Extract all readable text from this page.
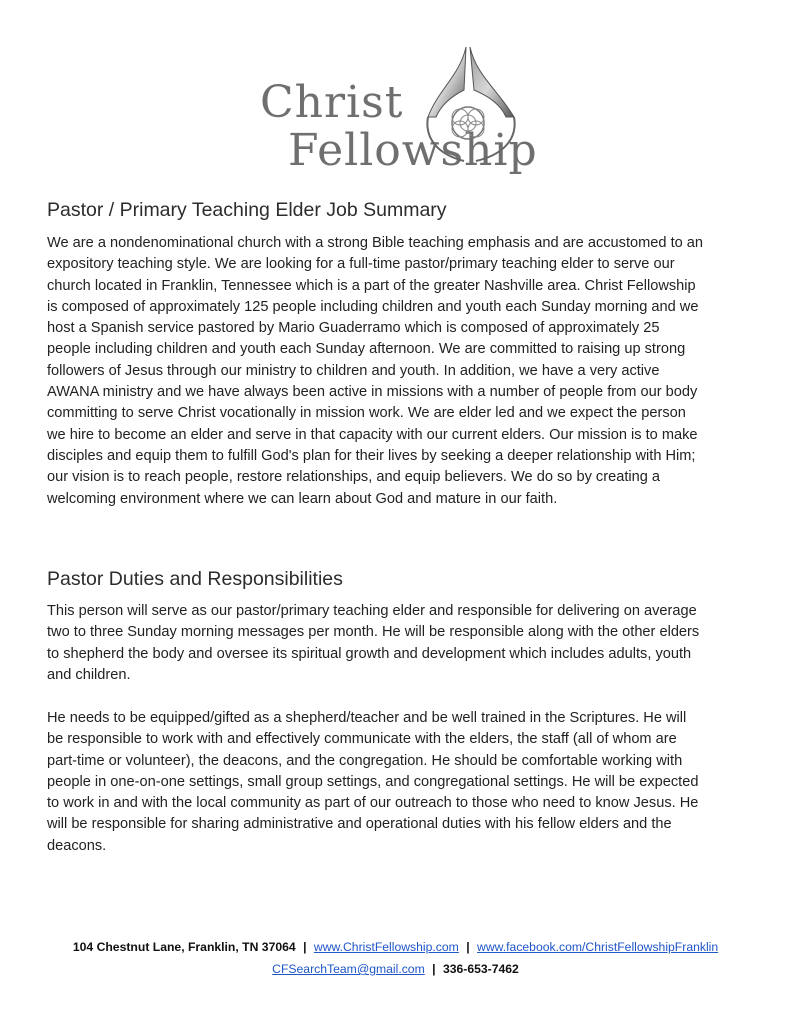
Christ
Fellowship
Pastor / Primary Teaching Elder Job Summary
We are a nondenominational church with a strong Bible teaching emphasis and are accustomed to an
expository teaching style. We are looking for a full-time pastor/primary teaching elder to serve our
church located in Franklin, Tennessee which is a part of the greater Nashville area. Christ Fellowship
is composed of approximately 125 people including children and youth each Sunday morning and we
host a Spanish service pastored by Mario Guaderramo which is composed of approximately 25
people including children and youth each Sunday afternoon. We are committed to raising up strong
followers of Jesus through our ministry to children and youth. In addition, we have a very active
AWANA ministry and we have always been active in missions with a number of people from our body
committing to serve Christ vocationally in mission work. We are elder led and we expect the person
we hire to become an elder and serve in that capacity with our current elders. Our mission is to make
disciples and equip them to fulfill God's plan for their lives by seeking a deeper relationship with Him;
our vision is to reach people, restore relationships, and equip believers. We do so by creating a
welcoming environment where we can learn about God and mature in our faith.
Pastor Duties and Responsibilities
This person will serve as our pastor/primary teaching elder and responsible for delivering on average
two to three Sunday morning messages per month. He will be responsible along with the other elders
to shepherd the body and oversee its spiritual growth and development which includes adults, youth
and children.
He needs to be equipped/gifted as a shepherd/teacher and be well trained in the Scriptures. He will
be responsible to work with and effectively communicate with the elders, the staff (all of whom are
part-time or volunteer), the deacons, and the congregation. He should be comfortable working with
people in one-on-one settings, small group settings, and congregational settings. He will be expected
to work in and with the local community as part of our outreach to those who need to know Jesus. He
will be responsible for sharing administrative and operational duties with his fellow elders and the
deacons.
104 Chestnut Lane, Franklin, TN 37064 | www.ChristFellowship.com | www.facebook.com/ChristFellowshipFranklin
CFSearchTeam@gmail.com | 336-653-7462
